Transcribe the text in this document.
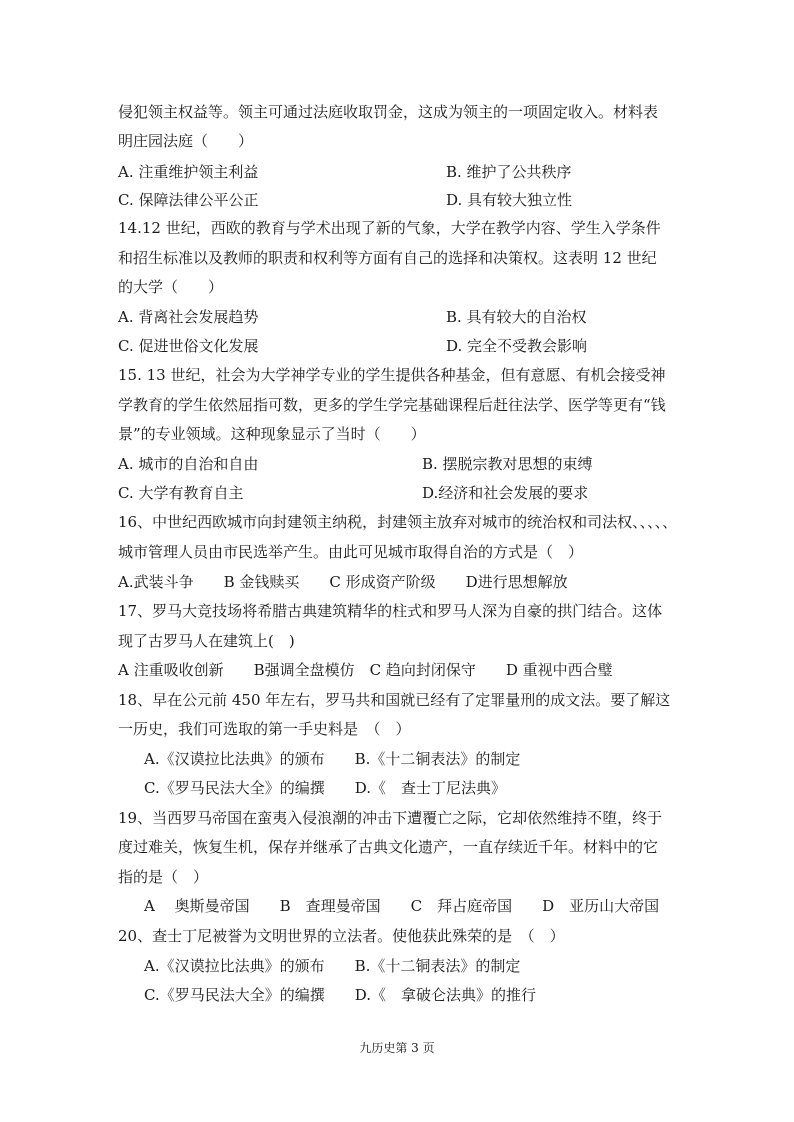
侵犯领主权益等。领主可通过法庭收取罚金，这成为领主的一项固定收入。材料表

明庄园法庭（　　）

A. 注重维护领主利益	B. 维护了公共秩序

C. 保障法律公平公正	D. 具有较大独立性

14.12 世纪，西欧的教育与学术出现了新的气象，大学在教学内容、学生入学条件

和招生标准以及教师的职责和权利等方面有自己的选择和决策权。这表明 12 世纪

的大学（　　）

A. 背离社会发展趋势	B. 具有较大的自治权

C. 促进世俗文化发展	D. 完全不受教会影响

15. 13 世纪，社会为大学神学专业的学生提供各种基金，但有意愿、有机会接受神

学教育的学生依然屈指可数，更多的学生学完基础课程后赶往法学、医学等更有“钱

景”的专业领域。这种现象显示了当时（　　）

A. 城市的自治和自由	B. 摆脱宗教对思想的束缚

C. 大学有教育自主	D.经济和社会发展的要求

16、中世纪西欧城市向封建领主纳税，封建领主放弃对城市的统治权和司法权、、、、、

城市管理人员由市民选举产生。由此可见城市取得自治的方式是（　）

A.武装斗争　　B 金钱赎买　　C 形成资产阶级　　D进行思想解放

17、罗马大竞技场将希腊古典建筑精华的柱式和罗马人深为自豪的拱门结合。这体

现了古罗马人在建筑上(　)

A 注重吸收创新　　B强调全盘模仿　C 趋向封闭保守　　D 重视中西合璧

18、早在公元前 450 年左右，罗马共和国就已经有了定罪量刑的成文法。要了解这

一历史，我们可选取的第一手史料是　（　）

A.《汉谟拉比法典》的颁布　　B.《十二铜表法》的制定

C.《罗马民法大全》的编撰　　D.《　查士丁尼法典》

19、当西罗马帝国在蛮夷入侵浪潮的冲击下遭覆亡之际，它却依然维持不堕，终于

度过难关，恢复生机，保存并继承了古典文化遗产，一直存续近千年。材料中的它

指的是（　）

A　 奥斯曼帝国　　B　查理曼帝国　　C　拜占庭帝国　　D　亚历山大帝国

20、查士丁尼被誉为文明世界的立法者。使他获此殊荣的是　（　）

A.《汉谟拉比法典》的颁布　　B.《十二铜表法》的制定

C.《罗马民法大全》的编撰　　D.《　拿破仑法典》的推行

九历史第 3 页
